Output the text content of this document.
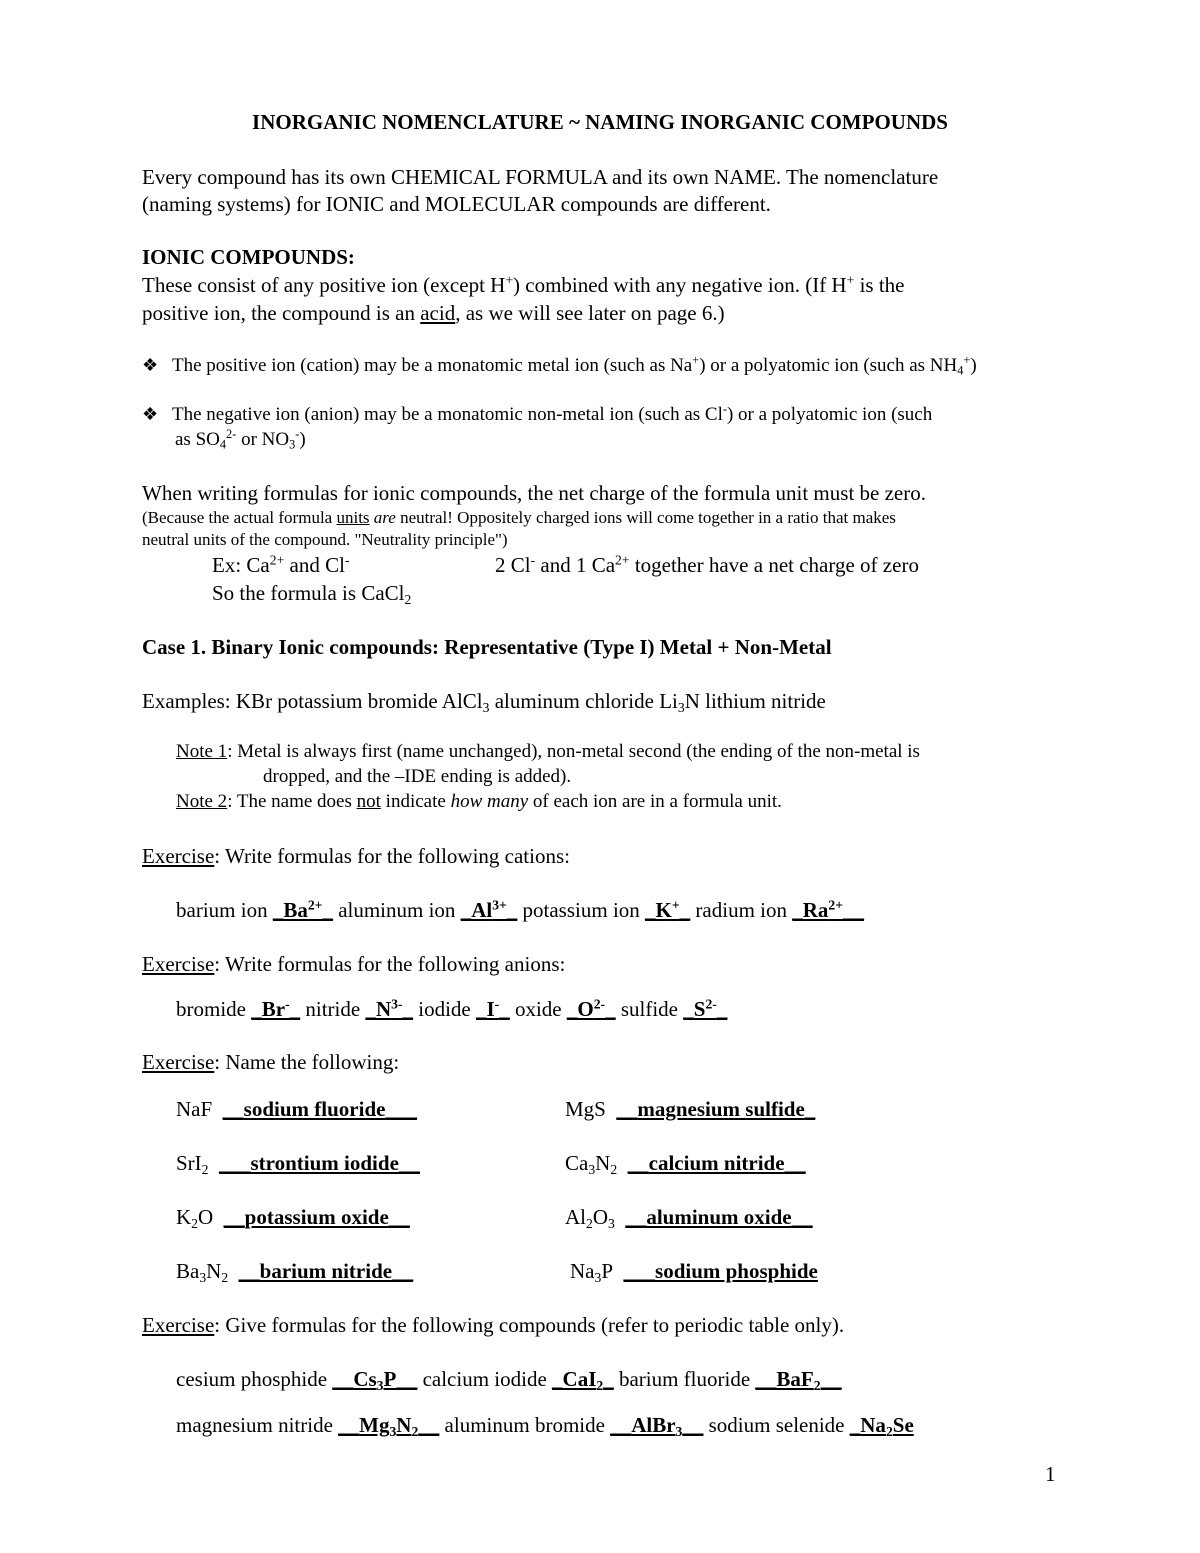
INORGANIC NOMENCLATURE ~ NAMING INORGANIC COMPOUNDS
Every compound has its own CHEMICAL FORMULA and its own NAME. The nomenclature
(naming systems) for IONIC and MOLECULAR compounds are different.
IONIC COMPOUNDS:
These consist of any positive ion (except H+) combined with any negative ion. (If H+ is the
positive ion, the compound is an acid, as we will see later on page 6.)
❖ The positive ion (cation) may be a monatomic metal ion (such as Na+) or a polyatomic ion (such as $NH_4^+$)
❖ The negative ion (anion) may be a monatomic non-metal ion (such as Cl-) or a polyatomic ion (such
as $SO_4^{2-}$ or $NO_3^-$)
When writing formulas for ionic compounds, the net charge of the formula unit must be zero.
(Because the actual formula units are neutral! Oppositely charged ions will come together in a ratio that makes
neutral units of the compound. "Neutrality principle")
Ex: $Ca^{2+}$ and Cl-	2 Cl- and 1 $Ca^{2+}$ together have a net charge of zero
So the formula is CaCl$_2$
Case 1. Binary Ionic compounds: Representative (Type I) Metal + Non-Metal
Examples: KBr potassium bromide AlCl$_3$ aluminum chloride $Li_3N$ lithium nitride
Note 1: Metal is always first (name unchanged), non-metal second (the ending of the non-metal is
dropped, and the –IDE ending is added).
Note 2: The name does not indicate how many of each ion are in a formula unit.
Exercise: Write formulas for the following cations:
barium ion $\_Ba^{2+}\_$ aluminum ion $\_Al^{3+}\_$ potassium ion _K+_ radium ion $\_Ra^{2+}\_\_$
Exercise: Write formulas for the following anions:
bromide _Br-_ nitride $\_N^{3-}\_$ iodide _I-_ oxide $\_O^{2-}\_$ sulfide $\_S^{2-}\_$
Exercise: Name the following:
NaF __sodium fluoride___	MgS __magnesium sulfide_
SrI$_2$ ___strontium iodide__	$Ca_3N_2$ __calcium nitride__
$K_2O$ __potassium oxide__	$Al_2O_3$ __aluminum oxide__
$Ba_3N_2$ __barium nitride__	$Na_3P$ ___sodium phosphide
Exercise: Give formulas for the following compounds (refer to periodic table only).
cesium phosphide $\_\_Cs_3P\_\_$ calcium iodide _CaI$_2$_ barium fluoride __BaF$_2$__
magnesium nitride $\_\_Mg_3N_2\_\_$ aluminum bromide __AlBr$_3$__ sodium selenide $\_Na_2Se$
1
